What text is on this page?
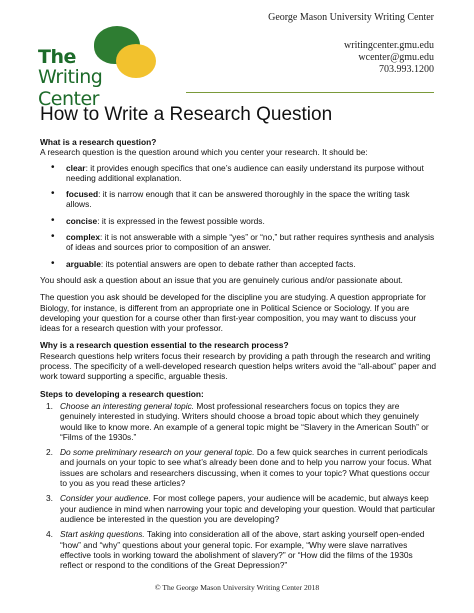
The
Writing Center
George Mason University Writing Center
writingcenter.gmu.edu
wcenter@gmu.edu
703.993.1200
How to Write a Research Question

What is a research question?

A research question is the question around which you center your research. It should be:

• clear: it provides enough specifics that one’s audience can easily understand its purpose without needing additional explanation.
• focused: it is narrow enough that it can be answered thoroughly in the space the writing task allows.
• concise: it is expressed in the fewest possible words.
• complex: it is not answerable with a simple “yes” or “no,” but rather requires synthesis and analysis of ideas and sources prior to composition of an answer.
• arguable: its potential answers are open to debate rather than accepted facts.

You should ask a question about an issue that you are genuinely curious and/or passionate about.

The question you ask should be developed for the discipline you are studying. A question appropriate for Biology, for instance, is different from an appropriate one in Political Science or Sociology. If you are developing your question for a course other than first-year composition, you may want to discuss your ideas for a research question with your professor.

Why is a research question essential to the research process?

Research questions help writers focus their research by providing a path through the research and writing process. The specificity of a well-developed research question helps writers avoid the “all-about” paper and work toward supporting a specific, arguable thesis.

Steps to developing a research question:

1. Choose an interesting general topic. Most professional researchers focus on topics they are genuinely interested in studying. Writers should choose a broad topic about which they genuinely would like to know more. An example of a general topic might be “Slavery in the American South” or “Films of the 1930s.”
2. Do some preliminary research on your general topic. Do a few quick searches in current periodicals and journals on your topic to see what’s already been done and to help you narrow your focus. What issues are scholars and researchers discussing, when it comes to your topic? What questions occur to you as you read these articles?
3. Consider your audience. For most college papers, your audience will be academic, but always keep your audience in mind when narrowing your topic and developing your question. Would that particular audience be interested in the question you are developing?
4. Start asking questions. Taking into consideration all of the above, start asking yourself open-ended “how” and “why” questions about your general topic. For example, “Why were slave narratives effective tools in working toward the abolishment of slavery?” or “How did the films of the 1930s reflect or respond to the conditions of the Great Depression?”
© The George Mason University Writing Center 2018
